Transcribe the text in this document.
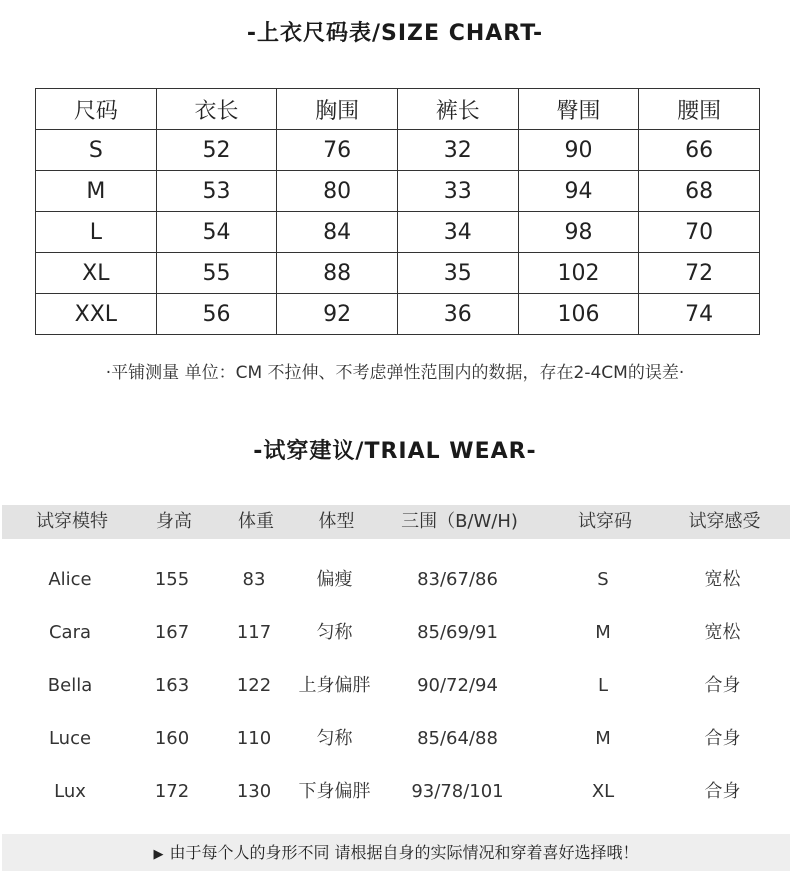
-上衣尺码表/SIZE CHART-
尺码	衣长	胸围	裤长	臀围	腰围
S	52	76	32	90	66
M	53	80	33	94	68
L	54	84	34	98	70
XL	55	88	35	102	72
XXL	56	92	36	106	74
·平铺测量 单位：CM 不拉伸、不考虑弹性范围内的数据，存在2-4CM的误差·
-试穿建议/TRIAL WEAR-
试穿模特	身高	体重	体型	三围（B/W/H)	试穿码	试穿感受
Alice	155	83	偏瘦	83/67/86	S	宽松
Cara	167	117	匀称	85/69/91	M	宽松
Bella	163	122	上身偏胖	90/72/94	L	合身
Luce	160	110	匀称	85/64/88	M	合身
Lux	172	130	下身偏胖	93/78/101	XL	合身
▶ 由于每个人的身形不同 请根据自身的实际情况和穿着喜好选择哦！
